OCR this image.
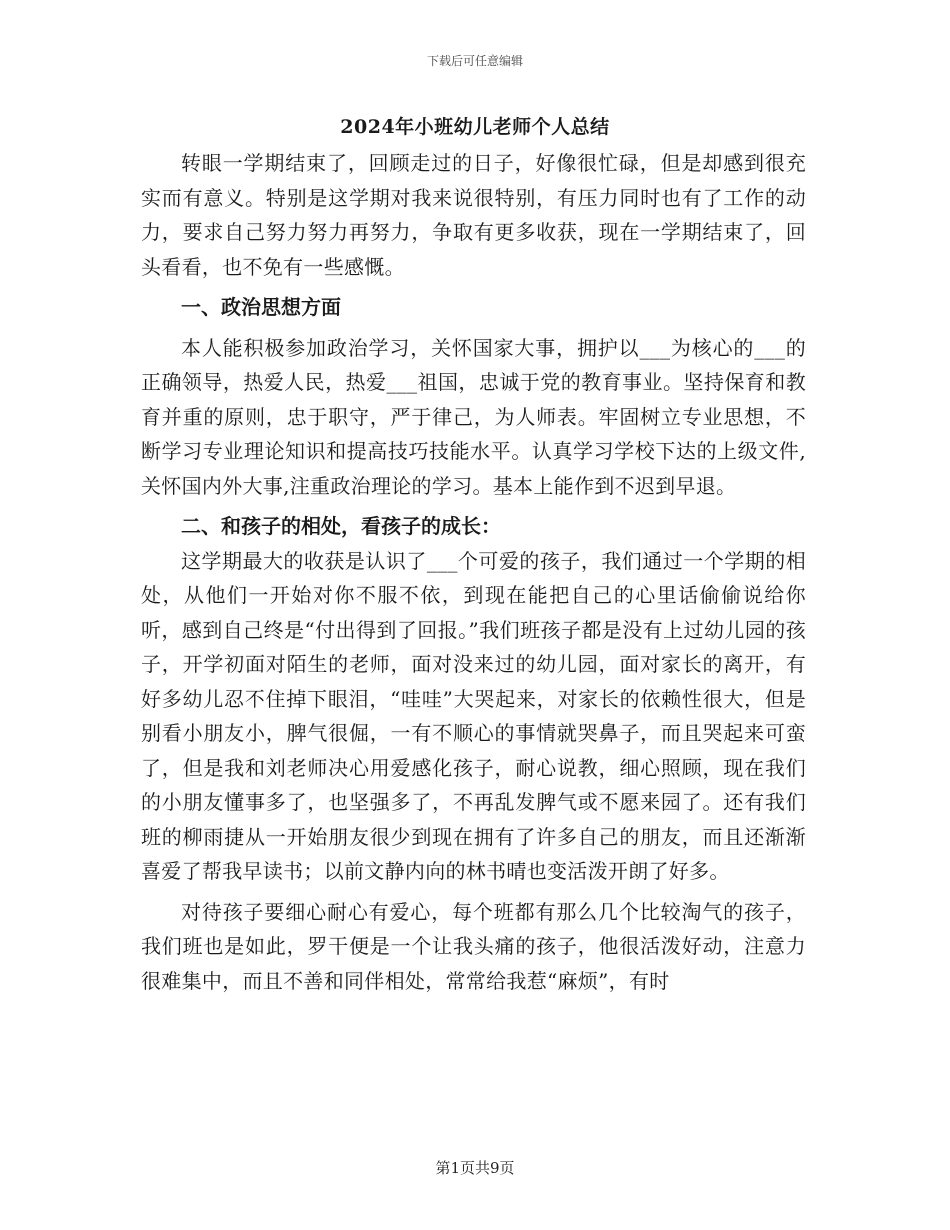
下载后可任意编辑
2024年小班幼儿老师个人总结

转眼一学期结束了，回顾走过的日子，好像很忙碌，但是却感到很充实而有意义。特别是这学期对我来说很特别，有压力同时也有了工作的动力，要求自己努力努力再努力，争取有更多收获，现在一学期结束了，回头看看，也不免有一些感慨。

一、政治思想方面

本人能积极参加政治学习，关怀国家大事，拥护以___为核心的___的正确领导，热爱人民，热爱___祖国，忠诚于党的教育事业。坚持保育和教育并重的原则，忠于职守，严于律己，为人师表。牢固树立专业思想，不断学习专业理论知识和提高技巧技能水平。认真学习学校下达的上级文件,关怀国内外大事,注重政治理论的学习。基本上能作到不迟到早退。

二、和孩子的相处，看孩子的成长：

这学期最大的收获是认识了___个可爱的孩子，我们通过一个学期的相处，从他们一开始对你不服不依，到现在能把自己的心里话偷偷说给你听，感到自己终是“付出得到了回报。”我们班孩子都是没有上过幼儿园的孩子，开学初面对陌生的老师，面对没来过的幼儿园，面对家长的离开，有好多幼儿忍不住掉下眼泪，“哇哇”大哭起来，对家长的依赖性很大，但是别看小朋友小，脾气很倔，一有不顺心的事情就哭鼻子，而且哭起来可蛮了，但是我和刘老师决心用爱感化孩子，耐心说教，细心照顾，现在我们的小朋友懂事多了，也坚强多了，不再乱发脾气或不愿来园了。还有我们班的柳雨捷从一开始朋友很少到现在拥有了许多自己的朋友，而且还渐渐喜爱了帮我早读书；以前文静内向的林书晴也变活泼开朗了好多。

对待孩子要细心耐心有爱心，每个班都有那么几个比较淘气的孩子，我们班也是如此，罗干便是一个让我头痛的孩子，他很活泼好动，注意力很难集中，而且不善和同伴相处，常常给我惹“麻烦”，有时

第1页共9页
